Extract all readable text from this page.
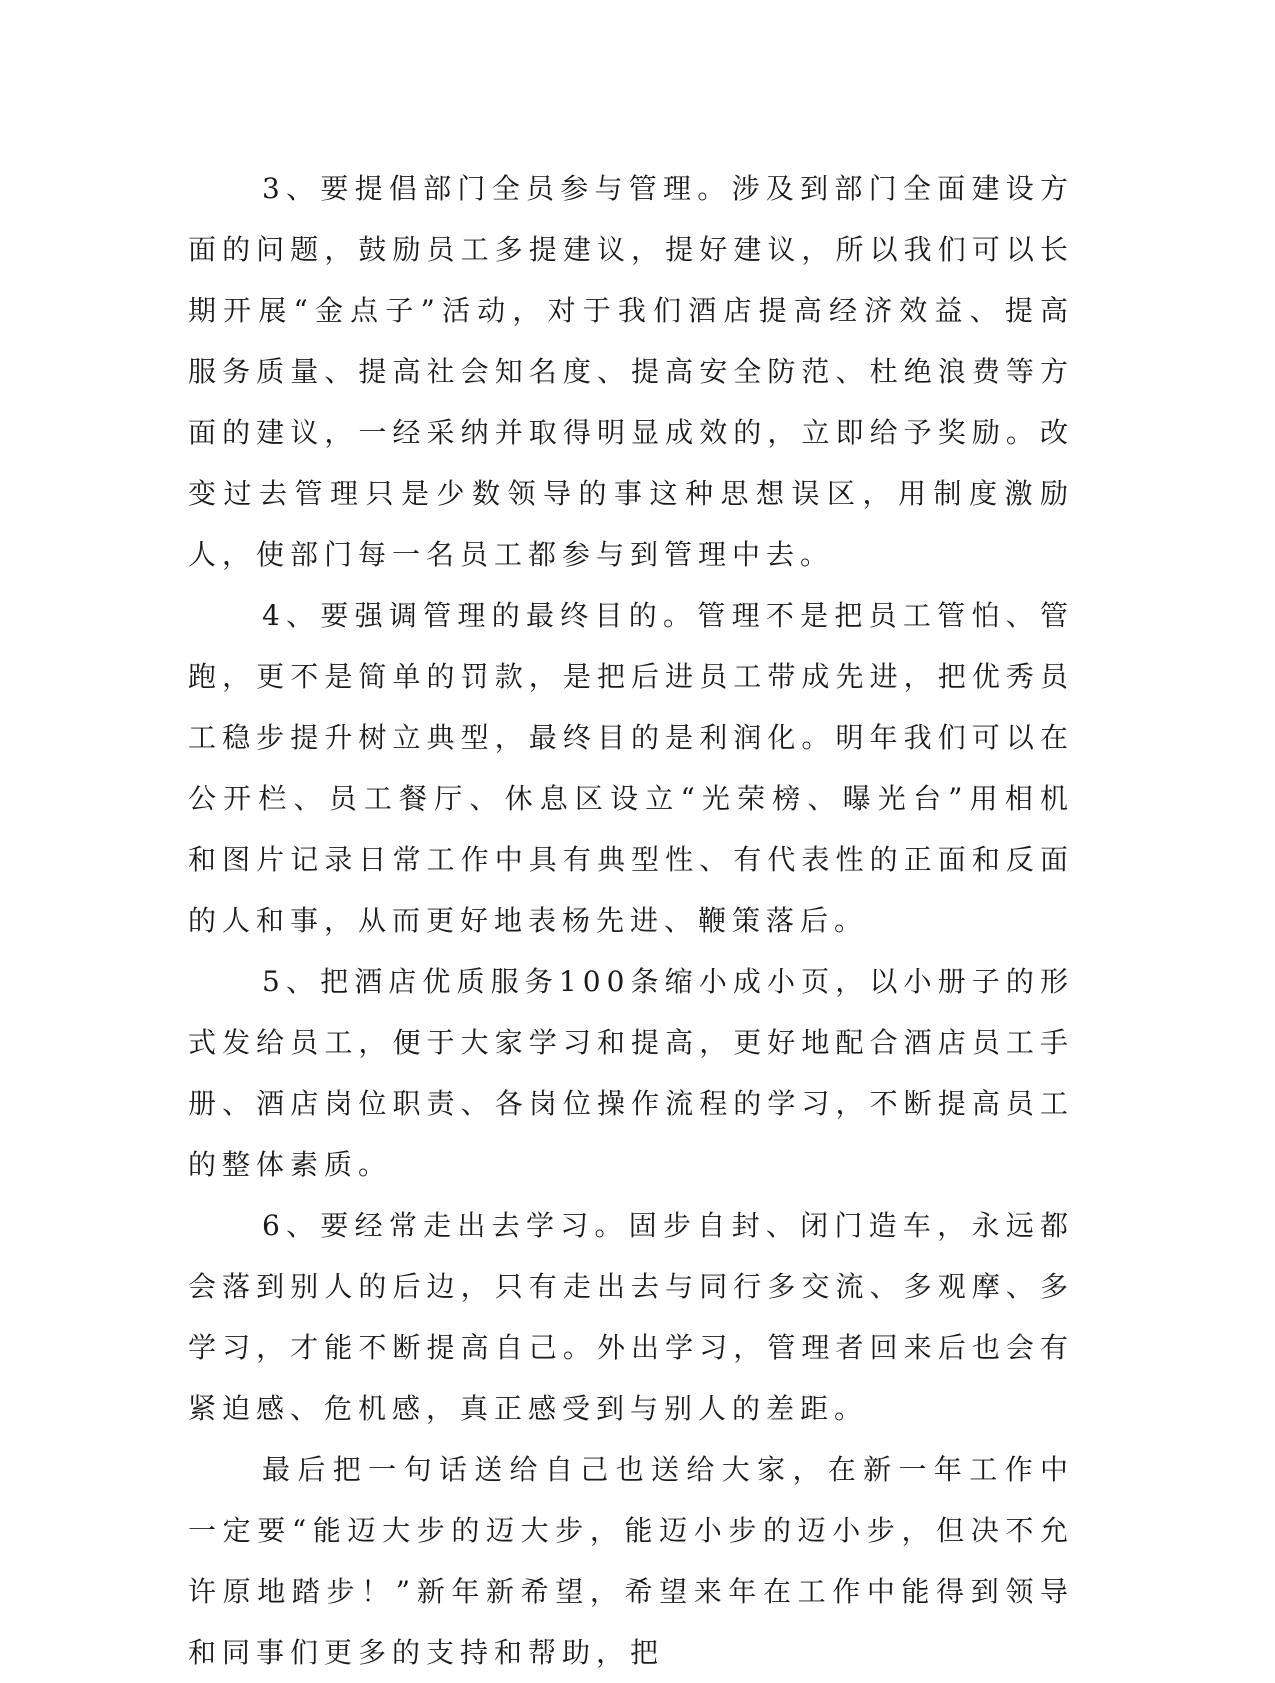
3、要提倡部门全员参与管理。涉及到部门全面建设方面的问题，鼓励员工多提建议，提好建议，所以我们可以长期开展“金点子”活动，对于我们酒店提高经济效益、提高服务质量、提高社会知名度、提高安全防范、杜绝浪费等方面的建议，一经采纳并取得明显成效的，立即给予奖励。改变过去管理只是少数领导的事这种思想误区，用制度激励人，使部门每一名员工都参与到管理中去。

4、要强调管理的最终目的。管理不是把员工管怕、管跑，更不是简单的罚款，是把后进员工带成先进，把优秀员工稳步提升树立典型，最终目的是利润化。明年我们可以在公开栏、员工餐厅、休息区设立“光荣榜、曝光台”用相机和图片记录日常工作中具有典型性、有代表性的正面和反面的人和事，从而更好地表杨先进、鞭策落后。

5、把酒店优质服务100条缩小成小页，以小册子的形式发给员工，便于大家学习和提高，更好地配合酒店员工手册、酒店岗位职责、各岗位操作流程的学习，不断提高员工的整体素质。

6、要经常走出去学习。固步自封、闭门造车，永远都会落到别人的后边，只有走出去与同行多交流、多观摩、多学习，才能不断提高自己。外出学习，管理者回来后也会有紧迫感、危机感，真正感受到与别人的差距。

最后把一句话送给自己也送给大家，在新一年工作中一定要“能迈大步的迈大步，能迈小步的迈小步，但决不允许原地踏步！”新年新希望，希望来年在工作中能得到领导和同事们更多的支持和帮助，把
